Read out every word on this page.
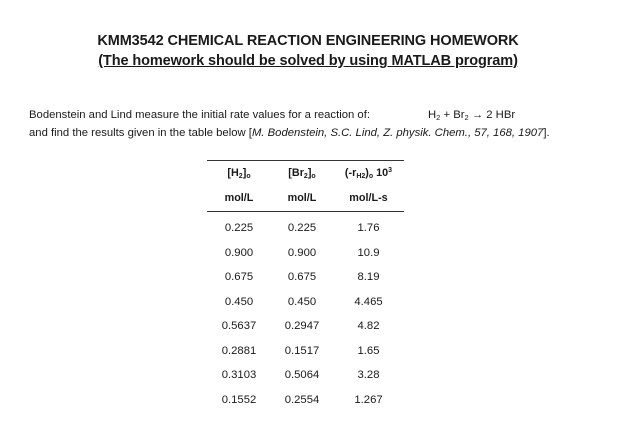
KMM3542 CHEMICAL REACTION ENGINEERING HOMEWORK
(The homework should be solved by using MATLAB program)
Bodenstein and Lind measure the initial rate values for a reaction of:	$H_2 + Br_2 \to 2$ HBr
and find the results given in the table below [M. Bodenstein, S.C. Lind, Z. physik. Chem., 57, 168, 1907].
$[H_2]_o$	$[Br_2]_o$	$(-r_{H2})_o$ $10^3$
mol/L	mol/L	mol/L-s
0.225	0.225	1.76
0.900	0.900	10.9
0.675	0.675	8.19
0.450	0.450	4.465
0.5637	0.2947	4.82
0.2881	0.1517	1.65
0.3103	0.5064	3.28
0.1552	0.2554	1.267
